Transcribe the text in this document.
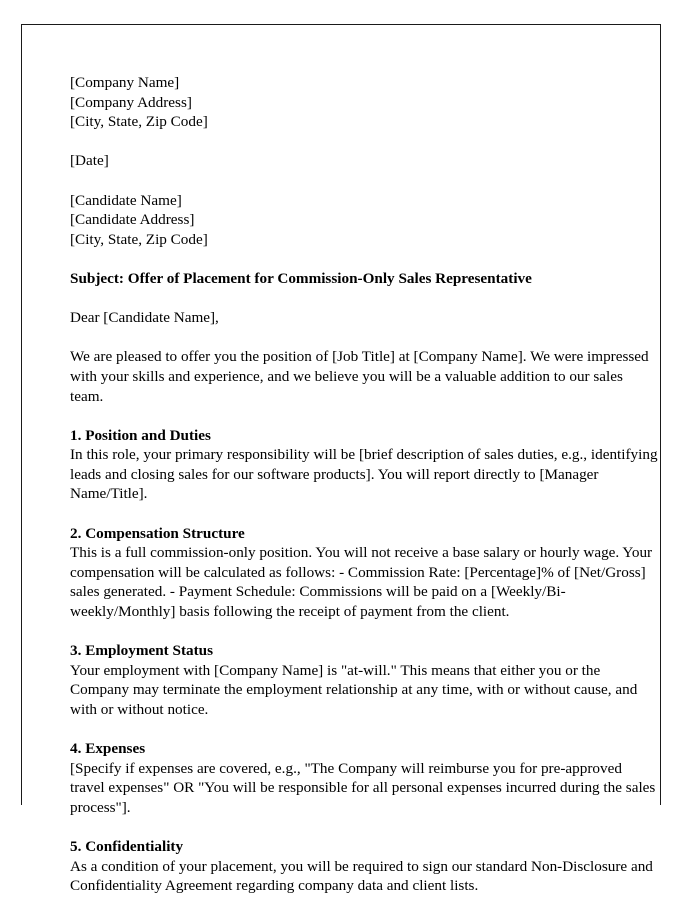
[Company Name]
[Company Address]
[City, State, Zip Code]
[Date]
[Candidate Name]
[Candidate Address]
[City, State, Zip Code]
Subject: Offer of Placement for Commission-Only Sales Representative
Dear [Candidate Name],
We are pleased to offer you the position of [Job Title] at [Company Name]. We were impressed with your skills and experience, and we believe you will be a valuable addition to our sales team.
1. Position and Duties
In this role, your primary responsibility will be [brief description of sales duties, e.g., identifying leads and closing sales for our software products]. You will report directly to [Manager Name/Title].
2. Compensation Structure
This is a full commission-only position. You will not receive a base salary or hourly wage. Your compensation will be calculated as follows: - Commission Rate: [Percentage]% of [Net/Gross] sales generated. - Payment Schedule: Commissions will be paid on a [Weekly/Bi-weekly/Monthly] basis following the receipt of payment from the client.
3. Employment Status
Your employment with [Company Name] is "at-will." This means that either you or the Company may terminate the employment relationship at any time, with or without cause, and with or without notice.
4. Expenses
[Specify if expenses are covered, e.g., "The Company will reimburse you for pre-approved travel expenses" OR "You will be responsible for all personal expenses incurred during the sales process"].
5. Confidentiality
As a condition of your placement, you will be required to sign our standard Non-Disclosure and Confidentiality Agreement regarding company data and client lists.
